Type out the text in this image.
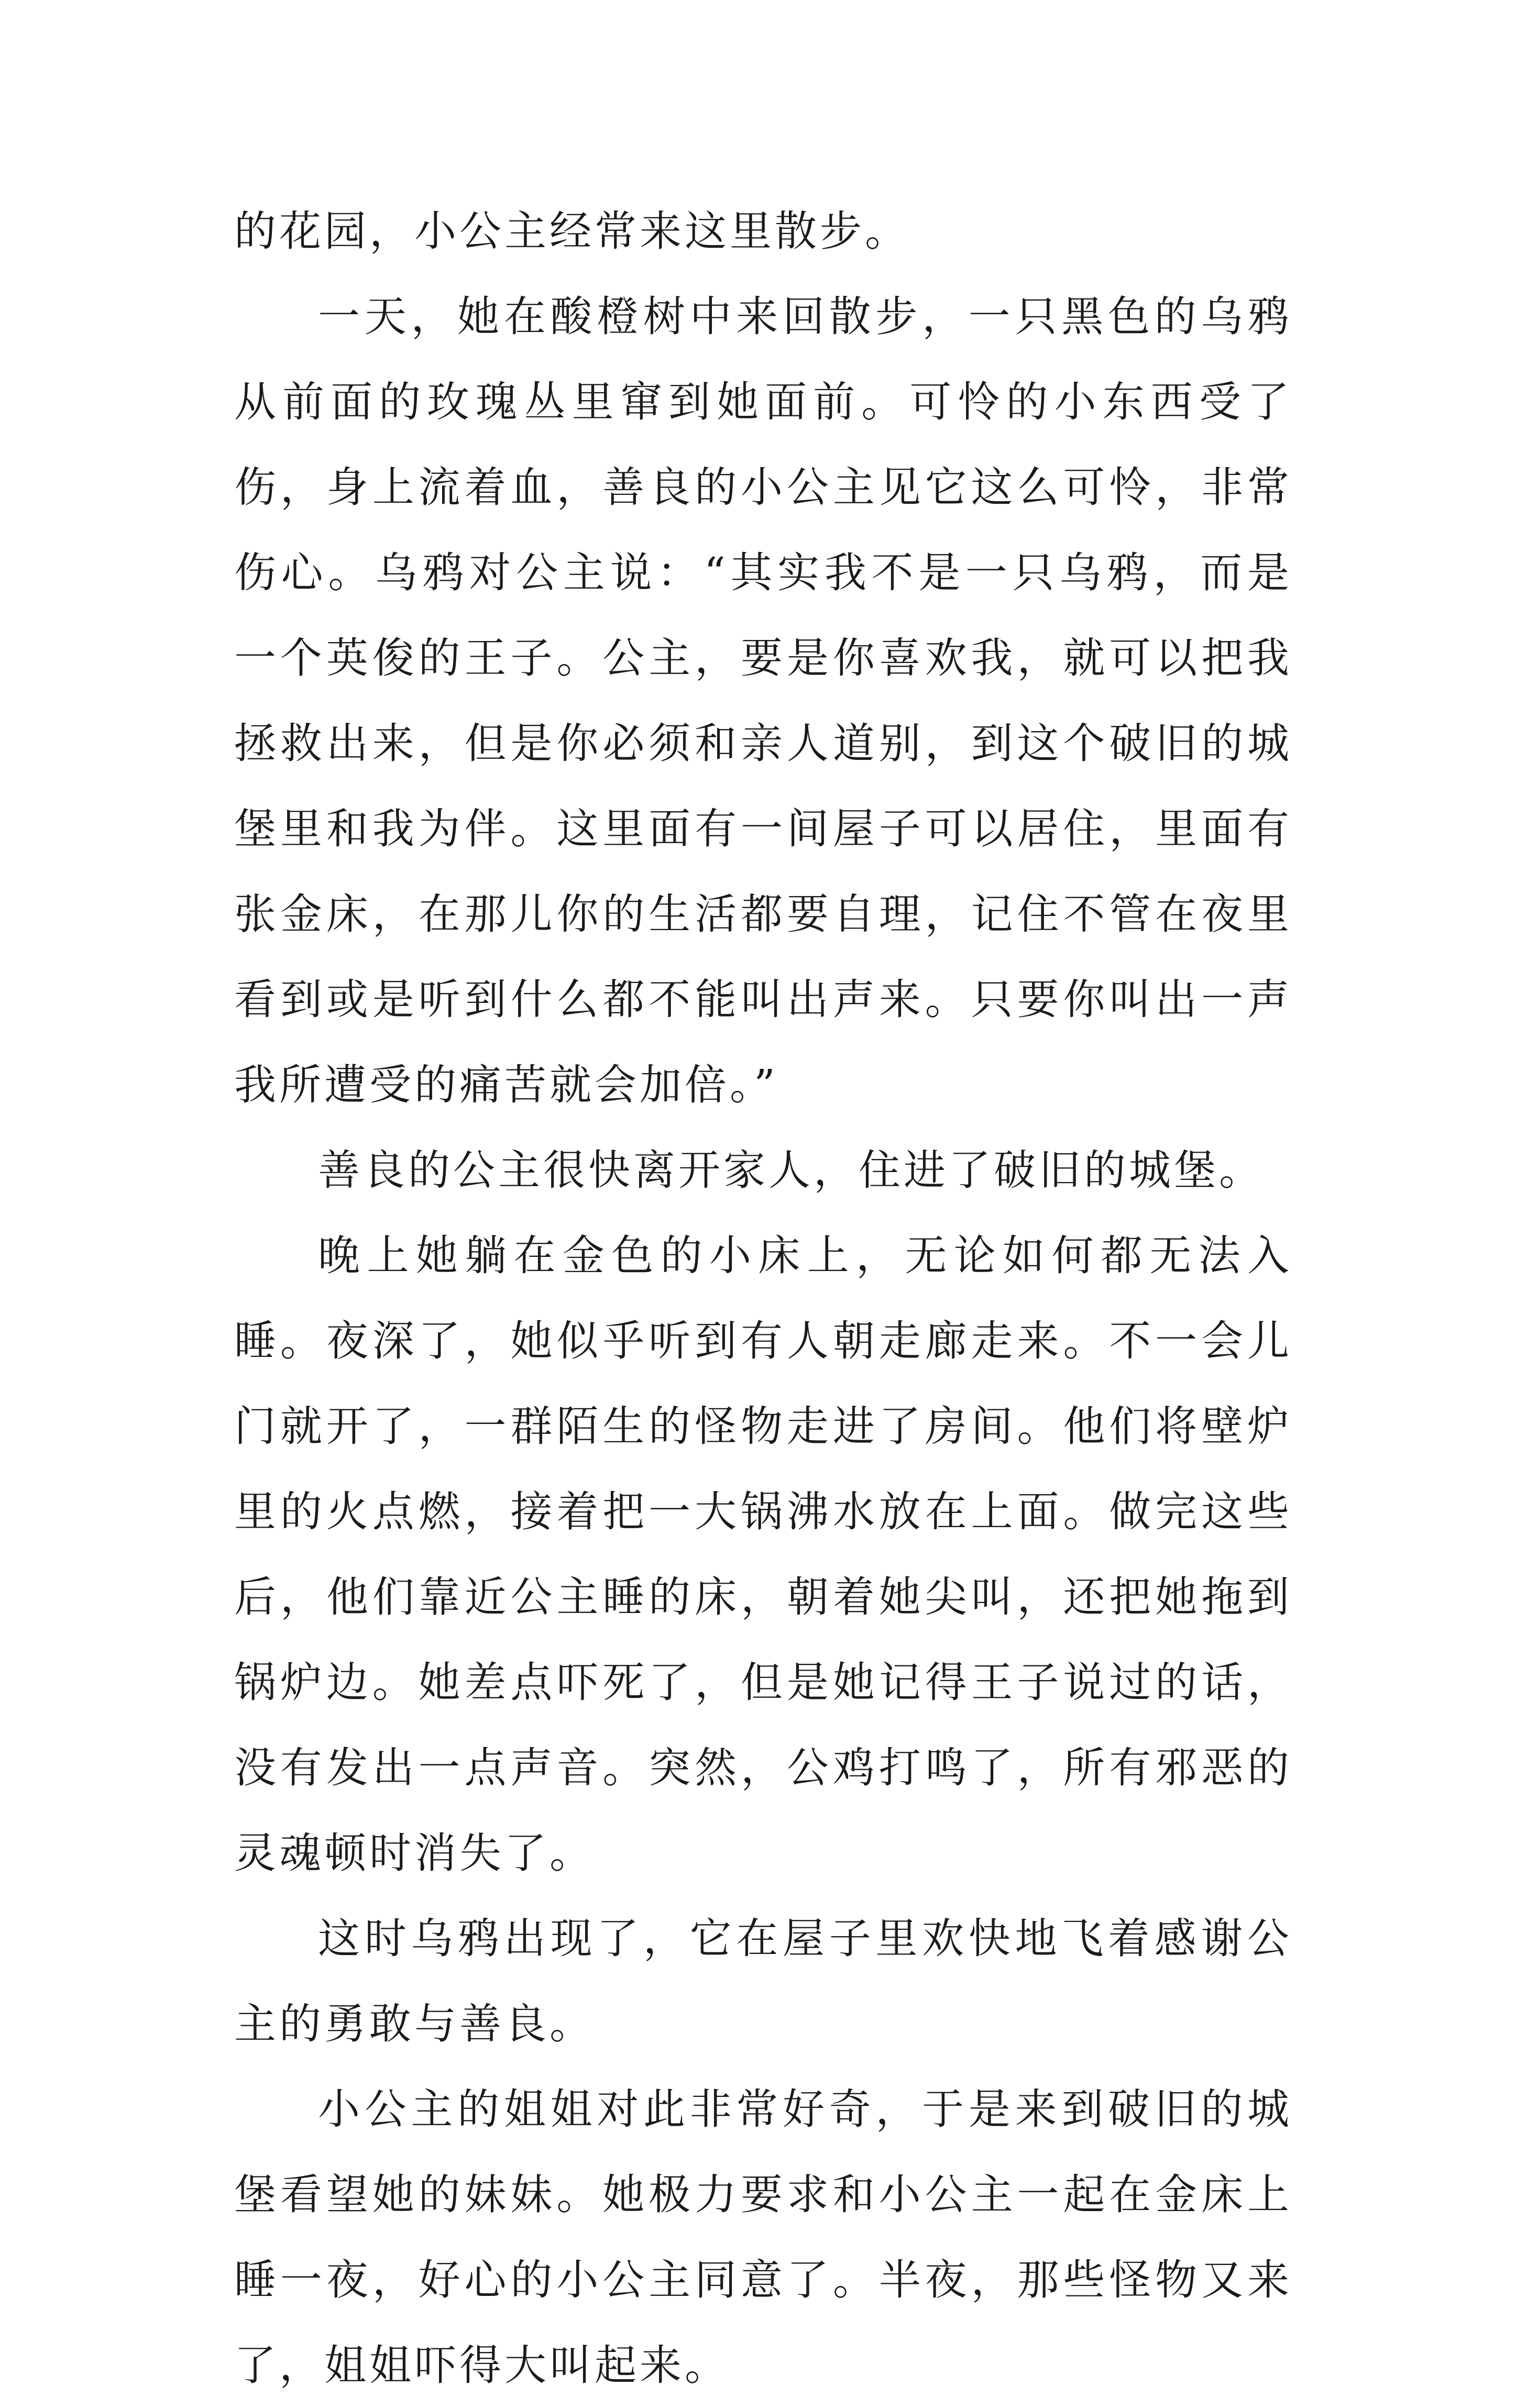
的花园，小公主经常来这里散步。

一天，她在酸橙树中来回散步，一只黑色的乌鸦从前面的玫瑰丛里窜到她面前。可怜的小东西受了伤，身上流着血，善良的小公主见它这么可怜，非常伤心。乌鸦对公主说：“其实我不是一只乌鸦，而是一个英俊的王子。公主，要是你喜欢我，就可以把我拯救出来，但是你必须和亲人道别，到这个破旧的城堡里和我为伴。这里面有一间屋子可以居住，里面有张金床，在那儿你的生活都要自理，记住不管在夜里看到或是听到什么都不能叫出声来。只要你叫出一声我所遭受的痛苦就会加倍。”

善良的公主很快离开家人，住进了破旧的城堡。

晚上她躺在金色的小床上，无论如何都无法入睡。夜深了，她似乎听到有人朝走廊走来。不一会儿门就开了，一群陌生的怪物走进了房间。他们将壁炉里的火点燃，接着把一大锅沸水放在上面。做完这些后，他们靠近公主睡的床，朝着她尖叫，还把她拖到锅炉边。她差点吓死了，但是她记得王子说过的话，没有发出一点声音。突然，公鸡打鸣了，所有邪恶的灵魂顿时消失了。

这时乌鸦出现了，它在屋子里欢快地飞着感谢公主的勇敢与善良。

小公主的姐姐对此非常好奇，于是来到破旧的城堡看望她的妹妹。她极力要求和小公主一起在金床上睡一夜，好心的小公主同意了。半夜，那些怪物又来了，姐姐吓得大叫起来。
